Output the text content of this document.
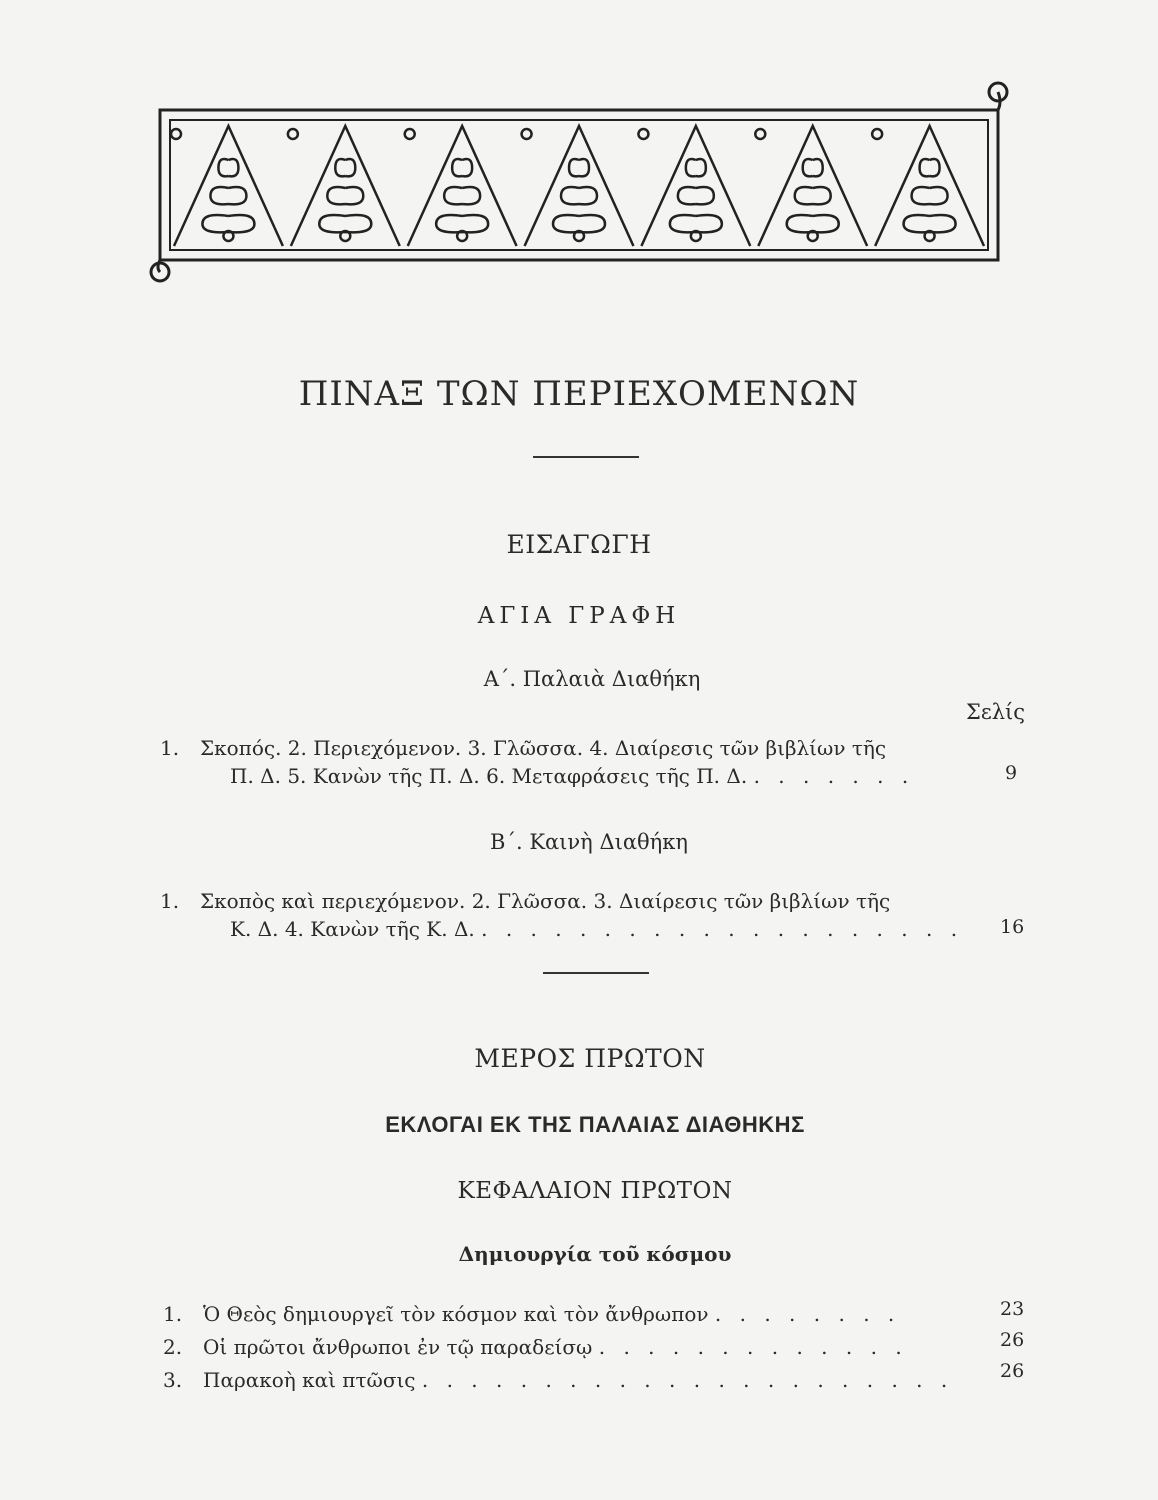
ΠΙΝΑΞ ΤΩΝ ΠΕΡΙΕΧΟΜΕΝΩΝ
ΕΙΣΑΓΩΓΗ
ΑΓΙΑ ΓΡΑΦΗ
Α΄. Παλαιὰ Διαθήκη
Σελίς
1. Σκοπός. 2. Περιεχόμενον. 3. Γλῶσσα. 4. Διαίρεσις τῶν βιβλίων τῆς
Π. Δ. 5. Κανὼν τῆς Π. Δ. 6. Μεταφράσεις τῆς Π. Δ. . . . . . . .	9
Β΄. Καινὴ Διαθήκη
1. Σκοπὸς καὶ περιεχόμενον. 2. Γλῶσσα. 3. Διαίρεσις τῶν βιβλίων τῆς
Κ. Δ. 4. Κανὼν τῆς Κ. Δ. . . . . . . . . . . . . . . . . . . . . 16
ΜΕΡΟΣ ΠΡΩΤΟΝ
ΕΚΛΟΓΑΙ ΕΚ ΤΗΣ ΠΑΛΑΙΑΣ ΔΙΑΘΗΚΗΣ
ΚΕΦΑΛΑΙΟΝ ΠΡΩΤΟΝ
Δημιουργία τοῦ κόσμου
1. Ὁ Θεὸς δημιουργεῖ τὸν κόσμον καὶ τὸν ἄνθρωπον . . . . . . . .	23
2. Οἱ πρῶτοι ἄνθρωποι ἐν τῷ παραδείσῳ . . . . . . . . . . . . .	26
3. Παρακοὴ καὶ πτῶσις . . . . . . . . . . . . . . . . . . . . . . 26
